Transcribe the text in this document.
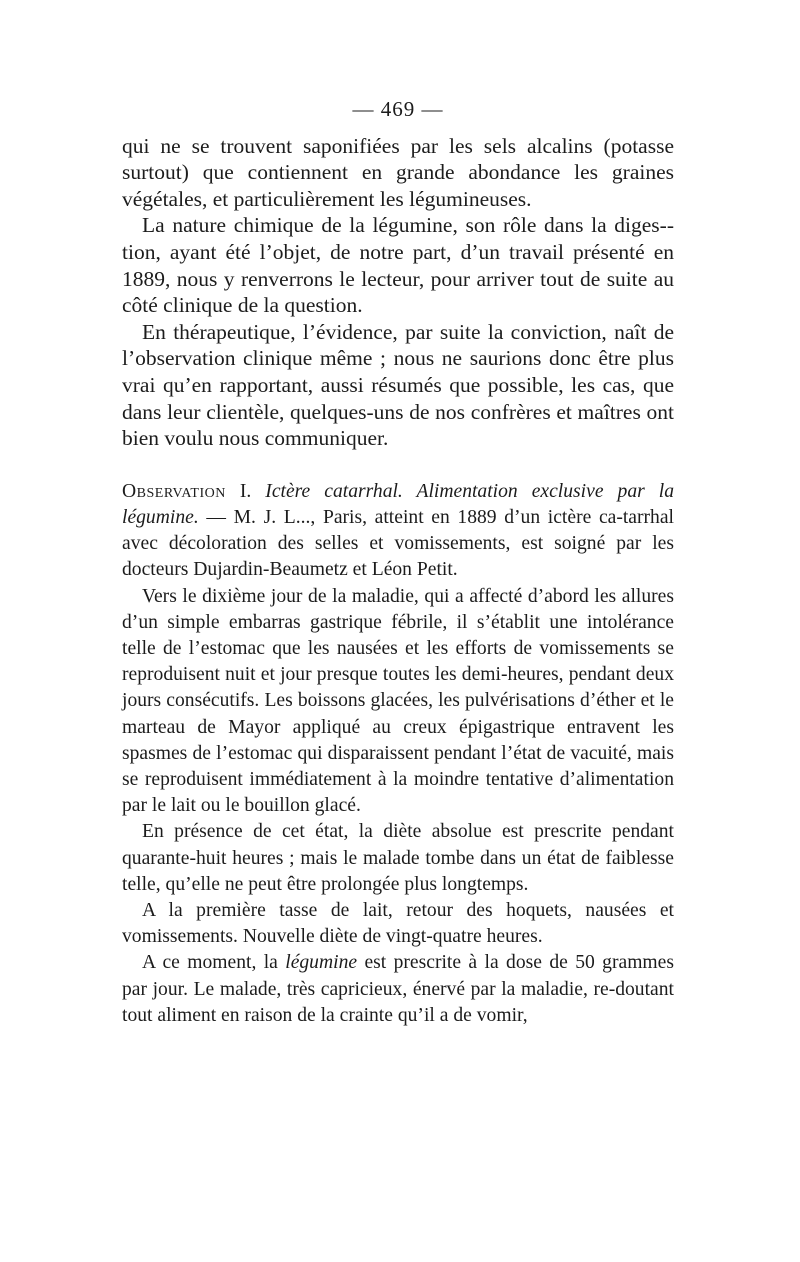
— 469 —

qui ne se trouvent saponifiées par les sels alcalins (potasse surtout) que contiennent en grande abondance les graines végétales, et particulièrement les légumineuses.

La nature chimique de la légumine, son rôle dans la diges-tion, ayant été l’objet, de notre part, d’un travail présenté en 1889, nous y renverrons le lecteur, pour arriver tout de suite au côté clinique de la question.

En thérapeutique, l’évidence, par suite la conviction, naît de l’observation clinique même ; nous ne saurions donc être plus vrai qu’en rapportant, aussi résumés que possible, les cas, que dans leur clientèle, quelques-uns de nos confrères et maîtres ont bien voulu nous communiquer.

Observation I. Ictère catarrhal. Alimentation exclusive par la légumine. — M. J. L..., Paris, atteint en 1889 d’un ictère ca-tarrhal avec décoloration des selles et vomissements, est soigné par les docteurs Dujardin-Beaumetz et Léon Petit.

Vers le dixième jour de la maladie, qui a affecté d’abord les allures d’un simple embarras gastrique fébrile, il s’établit une intolérance telle de l’estomac que les nausées et les efforts de vomissements se reproduisent nuit et jour presque toutes les demi-heures, pendant deux jours consécutifs. Les boissons glacées, les pulvérisations d’éther et le marteau de Mayor appliqué au creux épigastrique entravent les spasmes de l’estomac qui disparaissent pendant l’état de vacuité, mais se reproduisent immédiatement à la moindre tentative d’alimentation par le lait ou le bouillon glacé.

En présence de cet état, la diète absolue est prescrite pendant quarante-huit heures ; mais le malade tombe dans un état de faiblesse telle, qu’elle ne peut être prolongée plus longtemps.

A la première tasse de lait, retour des hoquets, nausées et vomissements. Nouvelle diète de vingt-quatre heures.

A ce moment, la légumine est prescrite à la dose de 50 grammes par jour. Le malade, très capricieux, énervé par la maladie, re-doutant tout aliment en raison de la crainte qu’il a de vomir,
